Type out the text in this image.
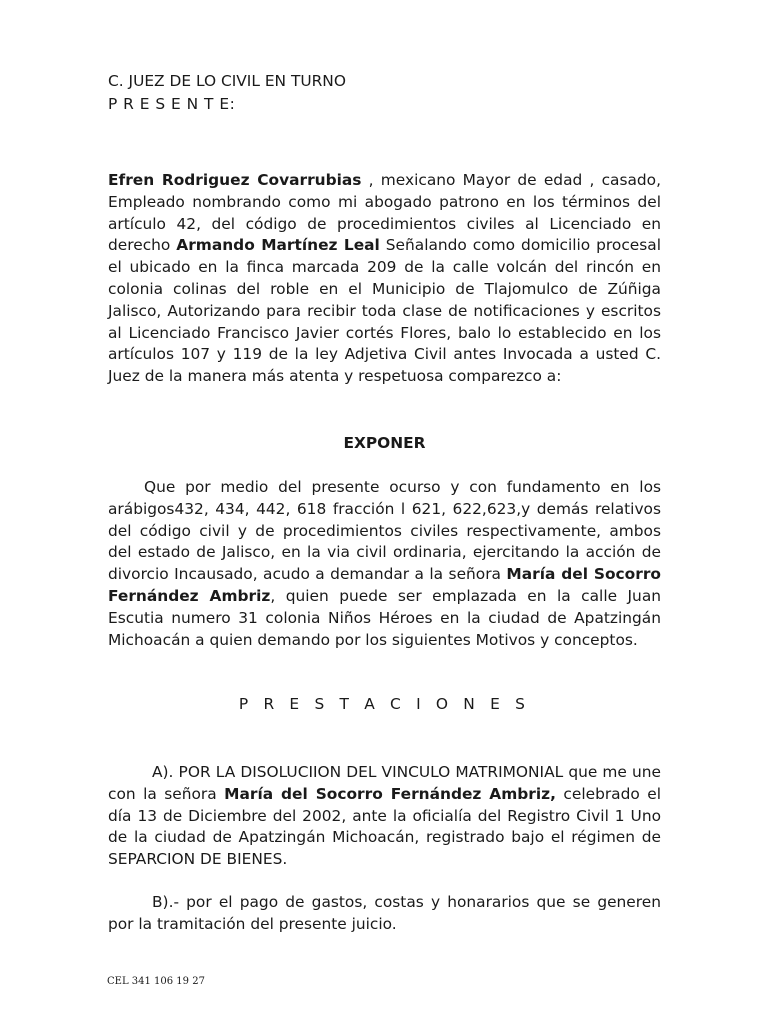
C. JUEZ DE LO CIVIL EN TURNO
P R E S E N T E:

Efren Rodriguez Covarrubias , mexicano Mayor de edad , casado, Empleado nombrando como mi abogado patrono en los términos del artículo 42, del código de procedimientos civiles al Licenciado en derecho Armando Martínez Leal Señalando como domicilio procesal el ubicado en la finca marcada 209 de la calle volcán del rincón en colonia colinas del roble en el Municipio de Tlajomulco de Zúñiga Jalisco, Autorizando para recibir toda clase de notificaciones y escritos al Licenciado Francisco Javier cortés Flores, balo lo establecido en los artículos 107 y 119 de la ley Adjetiva Civil antes Invocada a usted C. Juez de la manera más atenta y respetuosa comparezco a:

EXPONER

Que por medio del presente ocurso y con fundamento en los arábigos432, 434, 442, 618 fracción l 621, 622,623,y demás relativos del código civil y de procedimientos civiles respectivamente, ambos del estado de Jalisco, en la via civil ordinaria, ejercitando la acción de divorcio Incausado, acudo a demandar a la señora María del Socorro Fernández Ambriz, quien puede ser emplazada en la calle Juan Escutia numero 31 colonia Niños Héroes en la ciudad de Apatzingán Michoacán a quien demando por los siguientes Motivos y conceptos.

P R E S T A C I O N E S

A). POR LA DISOLUCIION DEL VINCULO MATRIMONIAL que me une con la señora María del Socorro Fernández Ambriz, celebrado el día 13 de Diciembre del 2002, ante la oficialía del Registro Civil 1 Uno de la ciudad de Apatzingán Michoacán, registrado bajo el régimen de SEPARCION DE BIENES.

B).- por el pago de gastos, costas y honararios que se generen por la tramitación del presente juicio.

CEL 341 106 19 27
